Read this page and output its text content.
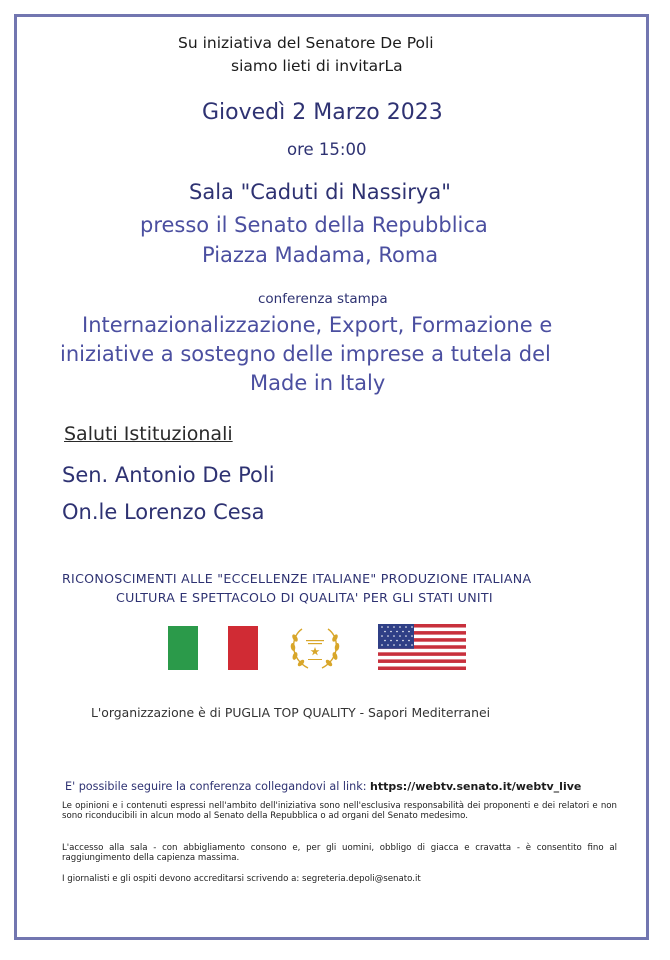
Su iniziativa del Senatore De Poli
siamo lieti di invitarLa
Giovedì 2 Marzo 2023
ore 15:00
Sala "Caduti di Nassirya"
presso il Senato della Repubblica
Piazza Madama, Roma
conferenza stampa
Internazionalizzazione, Export, Formazione e
iniziative a sostegno delle imprese a tutela del
Made in Italy
Saluti Istituzionali
Sen. Antonio De Poli
On.le Lorenzo Cesa
RICONOSCIMENTI ALLE "ECCELLENZE ITALIANE" PRODUZIONE ITALIANA
CULTURA E SPETTACOLO DI QUALITA' PER GLI STATI UNITI
L'organizzazione è di PUGLIA TOP QUALITY - Sapori Mediterranei
E' possibile seguire la conferenza collegandovi al link: https://webtv.senato.it/webtv_live
Le opinioni e i contenuti espressi nell'ambito dell'iniziativa sono nell'esclusiva responsabilità dei proponenti e dei relatori e non sono riconducibili in alcun modo al Senato della Repubblica o ad organi del Senato medesimo.
L'accesso alla sala - con abbigliamento consono e, per gli uomini, obbligo di giacca e cravatta - è consentito fino al raggiungimento della capienza massima.
I giornalisti e gli ospiti devono accreditarsi scrivendo a: segreteria.depoli@senato.it
